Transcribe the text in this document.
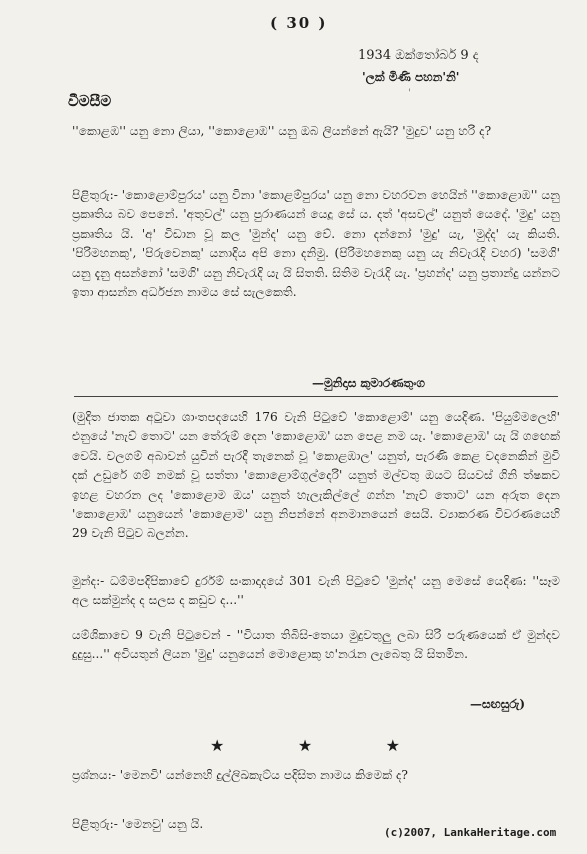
( 30 )
1934 ඔක්තෝබර් 9 ද
'ලක් මිණි පහන'නි'
'
වීමසීම
''කොළඹ'' යනු නො ලියා, ''කොළොඹ'' යනු ඔබ ලියන්නේ ඇයි? 'මුදුව' යනු හරි ද?
පිළිතුරු:- 'කොළොම්පුරය' යනු විනා 'කොළම්පුරය' යනු නො වහරවන හෙයින් ''කොළොඹ'' යනු ප්‍රකෘතිය බව පෙනේ. 'අතුවල්' යනු පුරාණයන් යෙදූ සේ ය. දත් 'අසවල්' යනුත් යෙදේ. 'මුදු' යනු ප්‍රකෘතිය යි. 'අ' විඩාන වූ කල 'මුන්ද' යනු වේ. නො දන්නෝ 'මුදු' යැ, 'මුද්ද' යැ කියති. 'පිරිමහනකු', 'පිරුවෙනකු' යනාදිය අපි නො දනිමු. (පිරිමහනෙකු යනු යැ නිවැරැදි වහර) 'සමගි' යනු දැනු අසන්නෝ 'සමගි' යනු නිවැරැදි යැ යි සිතති. සිතිම වැරැදි යැ. 'ප්‍රහන්ද' යනු ප්‍රතාන්දු යන්නට ඉතා ආසන්න අර්ධජන නාමය සේ සැලකෙති.
—මුනිදාස කුමාරණතුංග
(මුදිත ජාතක අටුවා ශාංතපදයෙහි 176 වැනි පිටුවේ 'කොළොම්' යනු යෙදිණ. 'පියුම්මලෙහි' එනුයේ 'නැව් තොට' යන තේරුම් දෙන 'කොළොඹ' යන පෙළ නම යැ. 'කොළොඹ' යැ යි ගඟෙක් වෙයි. වලගම් අබාවන් යුවින් පැරදී තැනෙක් වූ 'කොළඹාල' යනුත්, පැරණි කෙළ වදනෙකින් මුවි දක් උඩුරේ ගම් නමක් වූ සත්තා 'කොළොම්ගුල්දෙරි' යනුත් මල්වතු ඔයට සියවස් ගිනි ත්‍ෂකව ඉහළ වහරන ලද 'කොළොම ඔය' යනුත් හැලැකිල්ලේ ගන්න 'නැව් තොට' යන අරුත දෙන 'කොළොඹ' යනුයෙන් 'කොළොම' යනු නිපන්නේ අනමානයෙන් සෙයි. ව්‍යාකරණ විවරණයෙහි 29 වැනි පිටුව බලන්න.
මුන්ද:- ධම්මපදිපිකාවේ දුර්රම් සංකාදාදයේ 301 වැනි පිටුවේ 'මුන්ද' යනු මෙසේ යෙදිණ: ''සෑම අල සක්මුන්ද ද සලස ද කඩුව ද...''
යම්ශිකාවෙ 9 වැනි පිටුවෙන් - ''වියාත තිබිසි-තෙයා මුදුවතුලු ලබා සිරි පරුණයෙක් ඒ මුන්දව දුදුසු...'' අවියතුන් ලියන 'මුදු' යනුයෙන් මොළොකු හ'නරැන ලැබෙතු යි සිතමින.
—සඟසුරු)
★	★	★
ප්‍රශ්නය:- 'මෙනවි' යන්නෙහි දුල්ලිඛකැට්ය පදිසිත නාමය කිමෙක් ද?
පිළිතුරු:- 'මෙනවු' යනු යි.
(c)2007, LankaHeritage.com
